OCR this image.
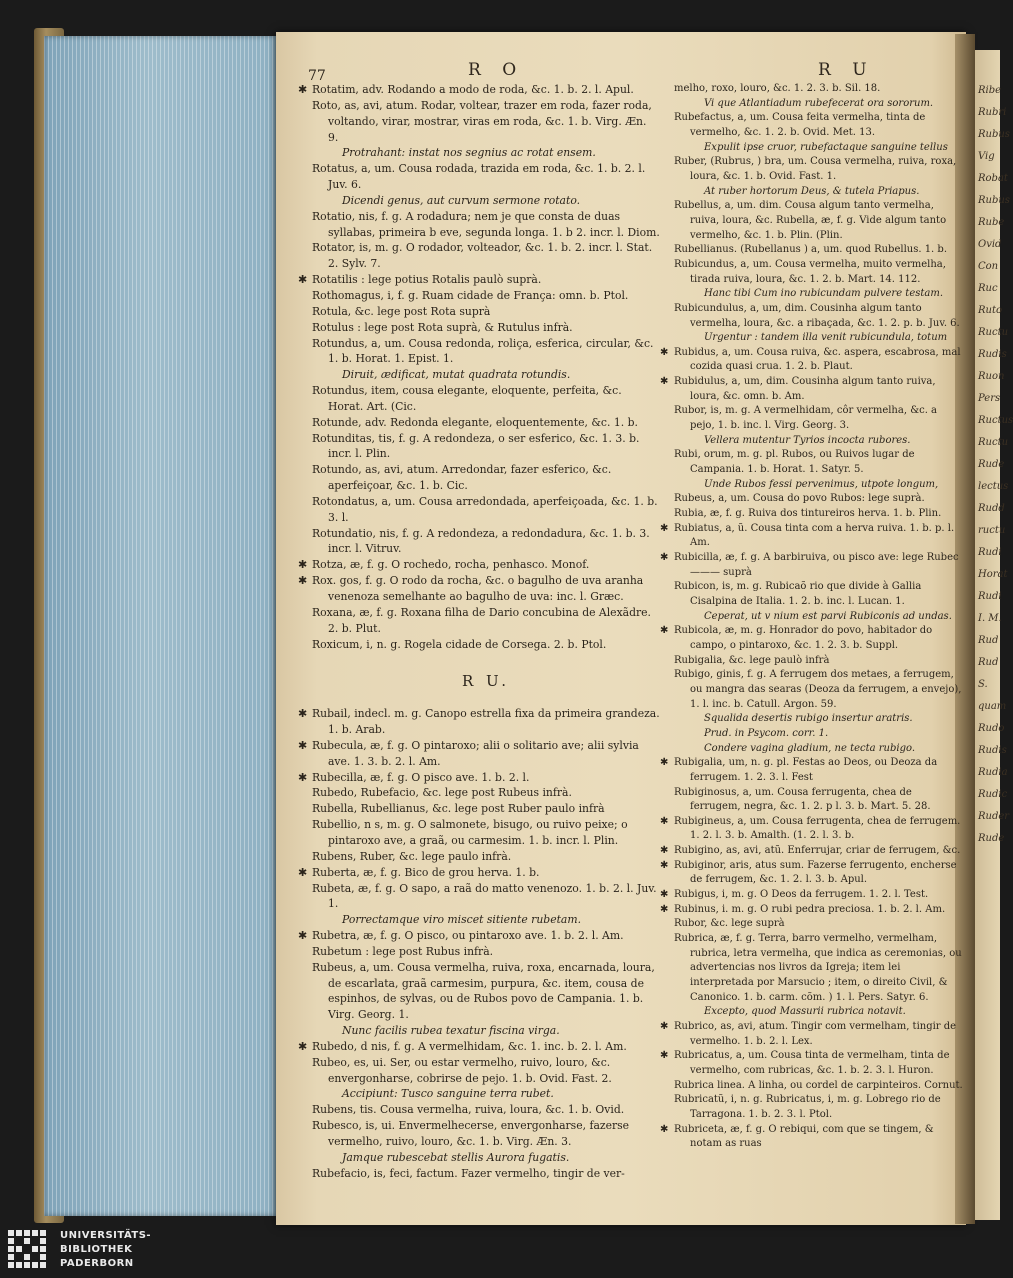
Ribe
Rubri
Rubus
Vig
Robat
Rubus
Rube
Ovid
Con
Ruc
Ruto
Ructu
Rudis
Ruon
Pers
Ructus
Ructu
Rude
lectus
Rudd
ructu
Rudi
Horat
Rudi
I. M.
Rud
Rud
S.
quam
Rudo
Rudis
Rudia
Rudic
Ruder
Rude
77	R O	R U
✱ Rotatim, adv. Rodando a modo de roda, &c. 1. b. 2. l. Apul.
Roto, as, avi, atum. Rodar, voltear, trazer em roda, fazer roda, voltando, virar, mostrar, viras em roda, &c. 1. b. Virg. Æn. 9.
Protrahant: instat nos segnius ac rotat ensem.
Rotatus, a, um. Cousa rodada, trazida em roda, &c. 1. b. 2. l. Juv. 6.
Dicendi genus, aut curvum sermone rotato.
Rotatio, nis, f. g. A rodadura; nem je que consta de duas syllabas, primeira b eve, segunda longa. 1. b 2. incr. l. Diom.
Rotator, is, m. g. O rodador, volteador, &c. 1. b. 2. incr. l. Stat. 2. Sylv. 7.
✱ Rotatilis : lege potius Rotalis paulò suprà.
Rothomagus, i, f. g. Ruam cidade de França: omn. b. Ptol.
Rotula, &c. lege post Rota suprà
Rotulus : lege post Rota suprà, & Rutulus infrà.
Rotundus, a, um. Cousa redonda, roliça, esferica, circular, &c. 1. b. Horat. 1. Epist. 1.
Diruit, ædificat, mutat quadrata rotundis.
Rotundus, item, cousa elegante, eloquente, perfeita, &c. Horat. Art. (Cic.
Rotunde, adv. Redonda elegante, eloquentemente, &c. 1. b.
Rotunditas, tis, f. g. A redondeza, o ser esferico, &c. 1. 3. b. incr. l. Plin.
Rotundo, as, avi, atum. Arredondar, fazer esferico, &c. aperfeiçoar, &c. 1. b. Cic.
Rotondatus, a, um. Cousa arredondada, aperfeiçoada, &c. 1. b. 3. l.
Rotundatio, nis, f. g. A redondeza, a redondadura, &c. 1. b. 3. incr. l. Vitruv.
✱ Rotza, æ, f. g. O rochedo, rocha, penhasco. Monof.
✱ Rox. gos, f. g. O rodo da rocha, &c. o bagulho de uva aranha venenoza semelhante ao bagulho de uva: inc. l. Græc.
Roxana, æ, f. g. Roxana filha de Dario concubina de Alexãdre. 2. b. Plut.
Roxicum, i, n. g. Rogela cidade de Corsega. 2. b. Ptol.
R U.
✱ Rubail, indecl. m. g. Canopo estrella fixa da primeira grandeza. 1. b. Arab.
✱ Rubecula, æ, f. g. O pintaroxo; alii o solitario ave; alii sylvia ave. 1. 3. b. 2. l. Am.
✱ Rubecilla, æ, f. g. O pisco ave. 1. b. 2. l.
Rubedo, Rubefacio, &c. lege post Rubeus infrà.
Rubella, Rubellianus, &c. lege post Ruber paulo infrà
Rubellio, n s, m. g. O salmonete, bisugo, ou ruivo peixe; o pintaroxo ave, a graã, ou carmesim. 1. b. incr. l. Plin.
Rubens, Ruber, &c. lege paulo infrà.
✱ Ruberta, æ, f. g. Bico de grou herva. 1. b.
Rubeta, æ, f. g. O sapo, a raã do matto venenozo. 1. b. 2. l. Juv. 1.
Porrectamque viro miscet sitiente rubetam.
✱ Rubetra, æ, f. g. O pisco, ou pintaroxo ave. 1. b. 2. l. Am.
Rubetum : lege post Rubus infrà.
Rubeus, a, um. Cousa vermelha, ruiva, roxa, encarnada, loura, de escarlata, graã carmesim, purpura, &c. item, cousa de espinhos, de sylvas, ou de Rubos povo de Campania. 1. b. Virg. Georg. 1.
Nunc facilis rubea texatur fiscina virga.
✱ Rubedo, d nis, f. g. A vermelhidam, &c. 1. inc. b. 2. l. Am.
Rubeo, es, ui. Ser, ou estar vermelho, ruivo, louro, &c. envergonharse, cobrirse de pejo. 1. b. Ovid. Fast. 2.
Accipiunt: Tusco sanguine terra rubet.
Rubens, tis. Cousa vermelha, ruiva, loura, &c. 1. b. Ovid.
Rubesco, is, ui. Envermelhecerse, envergonharse, fazerse vermelho, ruivo, louro, &c. 1. b. Virg. Æn. 3.
Jamque rubescebat stellis Aurora fugatis.
Rubefacio, is, feci, factum. Fazer vermelho, tingir de ver-
melho, roxo, louro, &c. 1. 2. 3. b. Sil. 18.
Vi que Atlantiadum rubefecerat ora sororum.
Rubefactus, a, um. Cousa feita vermelha, tinta de vermelho, &c. 1. 2. b. Ovid. Met. 13.
Expulit ipse cruor, rubefactaque sanguine tellus
Ruber, (Rubrus, ) bra, um. Cousa vermelha, ruiva, roxa, loura, &c. 1. b. Ovid. Fast. 1.
At ruber hortorum Deus, & tutela Priapus.
Rubellus, a, um. dim. Cousa algum tanto vermelha, ruiva, loura, &c. Rubella, æ, f. g. Vide algum tanto vermelho, &c. 1. b. Plin. (Plin.
Rubellianus. (Rubellanus ) a, um. quod Rubellus. 1. b.
Rubicundus, a, um. Cousa vermelha, muito vermelha, tirada ruiva, loura, &c. 1. 2. b. Mart. 14. 112.
Hanc tibi Cum ino rubicundam pulvere testam.
Rubicundulus, a, um, dim. Cousinha algum tanto vermelha, loura, &c. a ribaçada, &c. 1. 2. p. b. Juv. 6.
Urgentur : tandem illa venit rubicundula, totum
✱ Rubidus, a, um. Cousa ruiva, &c. aspera, escabrosa, mal cozida quasi crua. 1. 2. b. Plaut.
✱ Rubidulus, a, um, dim. Cousinha algum tanto ruiva, loura, &c. omn. b. Am.
Rubor, is, m. g. A vermelhidam, côr vermelha, &c. a pejo, 1. b. inc. l. Virg. Georg. 3.
Vellera mutentur Tyrios incocta rubores.
Rubi, orum, m. g. pl. Rubos, ou Ruivos lugar de Campania. 1. b. Horat. 1. Satyr. 5.
Unde Rubos fessi pervenimus, utpote longum,
Rubeus, a, um. Cousa do povo Rubos: lege suprà.
Rubia, æ, f. g. Ruiva dos tintureiros herva. 1. b. Plin.
✱ Rubiatus, a, ũ. Cousa tinta com a herva ruiva. 1. b. p. l. Am.
✱ Rubicilla, æ, f. g. A barbiruiva, ou pisco ave: lege Rubec ——— suprà
Rubicon, is, m. g. Rubicaõ rio que divide à Gallia Cisalpina de Italia. 1. 2. b. inc. l. Lucan. 1.
Ceperat, ut v nium est parvi Rubiconis ad undas.
✱ Rubicola, æ, m. g. Honrador do povo, habitador do campo, o pintaroxo, &c. 1. 2. 3. b. Suppl.
Rubigalia, &c. lege paulò infrà
Rubigo, ginis, f. g. A ferrugem dos metaes, a ferrugem, ou mangra das searas (Deoza da ferrugem, a envejo), 1. l. inc. b. Catull. Argon. 59.
Squalida desertis rubigo insertur aratris.
Prud. in Psycom. corr. 1.
Condere vagina gladium, ne tecta rubigo.
✱ Rubigalia, um, n. g. pl. Festas ao Deos, ou Deoza da ferrugem. 1. 2. 3. l. Fest
Rubiginosus, a, um. Cousa ferrugenta, chea de ferrugem, negra, &c. 1. 2. p l. 3. b. Mart. 5. 28.
✱ Rubigineus, a, um. Cousa ferrugenta, chea de ferrugem. 1. 2. l. 3. b. Amalth. (1. 2. l. 3. b.
✱ Rubigino, as, avi, atũ. Enferrujar, criar de ferrugem, &c.
✱ Rubiginor, aris, atus sum. Fazerse ferrugento, encherse de ferrugem, &c. 1. 2. l. 3. b. Apul.
✱ Rubigus, i, m. g. O Deos da ferrugem. 1. 2. l. Test.
✱ Rubinus, i. m. g. O rubi pedra preciosa. 1. b. 2. l. Am.
Rubor, &c. lege suprà
Rubrica, æ, f. g. Terra, barro vermelho, vermelham, rubrica, letra vermelha, que indica as ceremonias, ou advertencias nos livros da Igreja; item lei interpretada por Marsucio ; item, o direito Civil, & Canonico. 1. b. carm. cõm. ) 1. l. Pers. Satyr. 6.
Excepto, quod Massurii rubrica notavit.
✱ Rubrico, as, avi, atum. Tingir com vermelham, tingir de vermelho. 1. b. 2. l. Lex.
✱ Rubricatus, a, um. Cousa tinta de vermelham, tinta de vermelho, com rubricas, &c. 1. b. 2. 3. l. Huron.
Rubrica linea. A linha, ou cordel de carpinteiros. Cornut.
Rubricatũ, i, n. g. Rubricatus, i, m. g. Lobrego rio de Tarragona. 1. b. 2. 3. l. Ptol.
✱ Rubriceta, æ, f. g. O rebiqui, com que se tingem, & notam as ruas
UNIVERSITÄTS-
BIBLIOTHEK
PADERBORN
